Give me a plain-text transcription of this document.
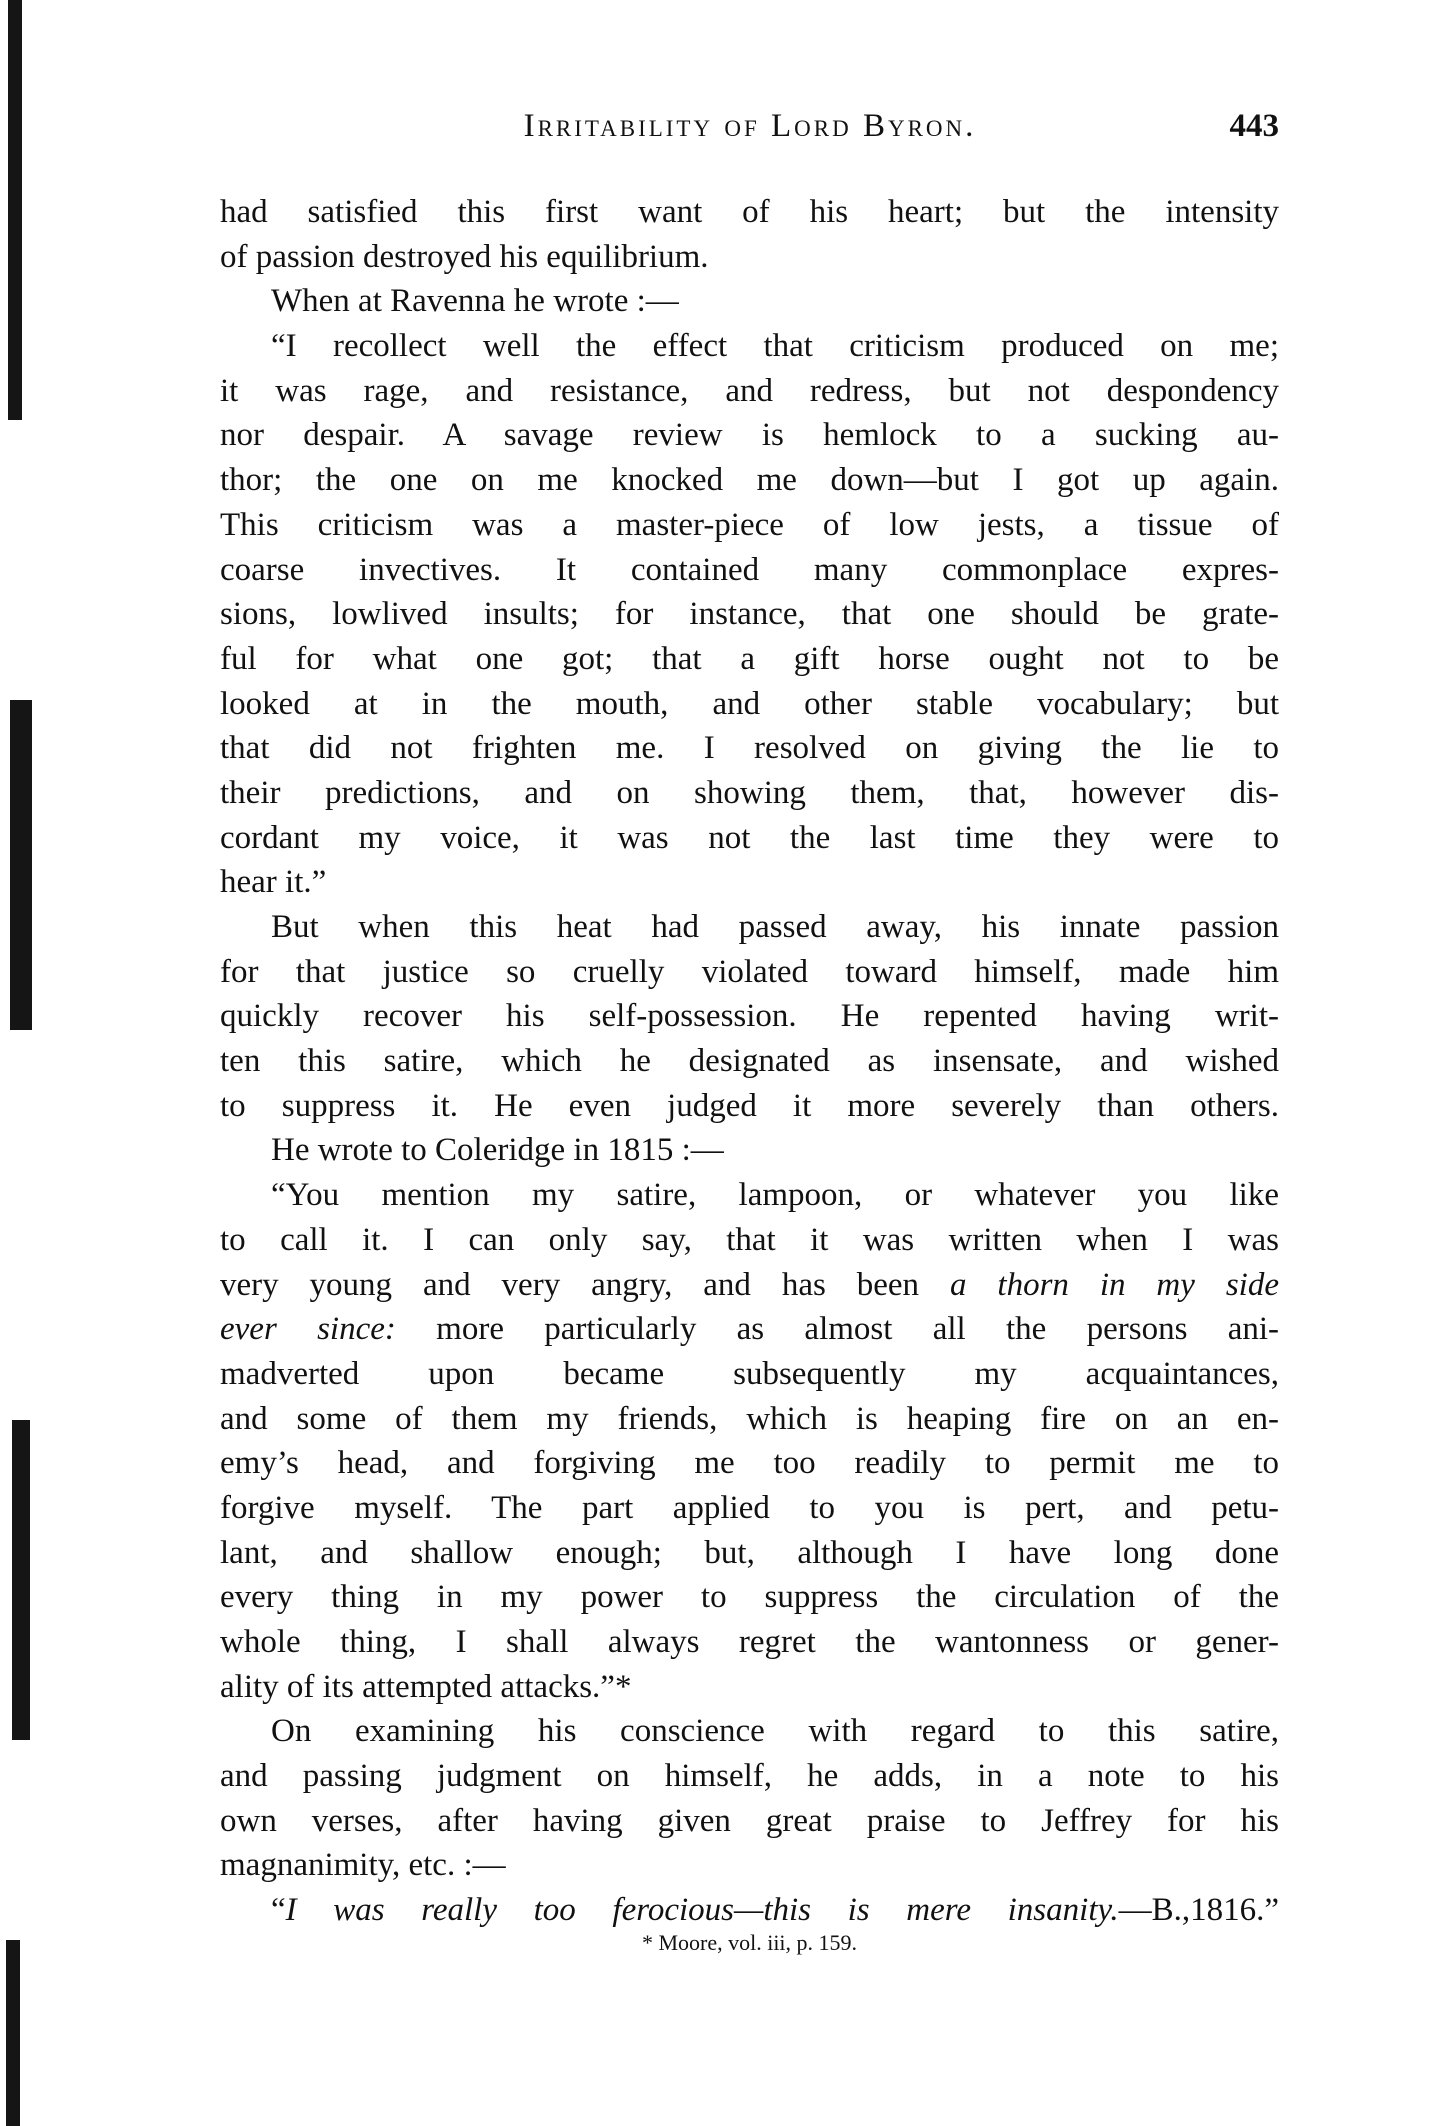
Irritability of Lord Byron.	443
had satisfied this first want of his heart; but the intensity
of passion destroyed his equilibrium.
When at Ravenna he wrote :—
“I recollect well the effect that criticism produced on me;
it was rage, and resistance, and redress, but not despondency
nor despair. A savage review is hemlock to a sucking au-
thor; the one on me knocked me down—but I got up again.
This criticism was a master-piece of low jests, a tissue of
coarse invectives. It contained many commonplace expres-
sions, lowlived insults; for instance, that one should be grate-
ful for what one got; that a gift horse ought not to be
looked at in the mouth, and other stable vocabulary; but
that did not frighten me. I resolved on giving the lie to
their predictions, and on showing them, that, however dis-
cordant my voice, it was not the last time they were to
hear it.”
But when this heat had passed away, his innate passion
for that justice so cruelly violated toward himself, made him
quickly recover his self-possession. He repented having writ-
ten this satire, which he designated as insensate, and wished
to suppress it. He even judged it more severely than others.
He wrote to Coleridge in 1815 :—
“You mention my satire, lampoon, or whatever you like
to call it. I can only say, that it was written when I was
very young and very angry, and has been a thorn in my side
ever since: more particularly as almost all the persons ani-
madverted upon became subsequently my acquaintances,
and some of them my friends, which is heaping fire on an en-
emy’s head, and forgiving me too readily to permit me to
forgive myself. The part applied to you is pert, and petu-
lant, and shallow enough; but, although I have long done
every thing in my power to suppress the circulation of the
whole thing, I shall always regret the wantonness or gener-
ality of its attempted attacks.”*
On examining his conscience with regard to this satire,
and passing judgment on himself, he adds, in a note to his
own verses, after having given great praise to Jeffrey for his
magnanimity, etc. :—
“I was really too ferocious—this is mere insanity.—B.,1816.”
* Moore, vol. iii, p. 159.
